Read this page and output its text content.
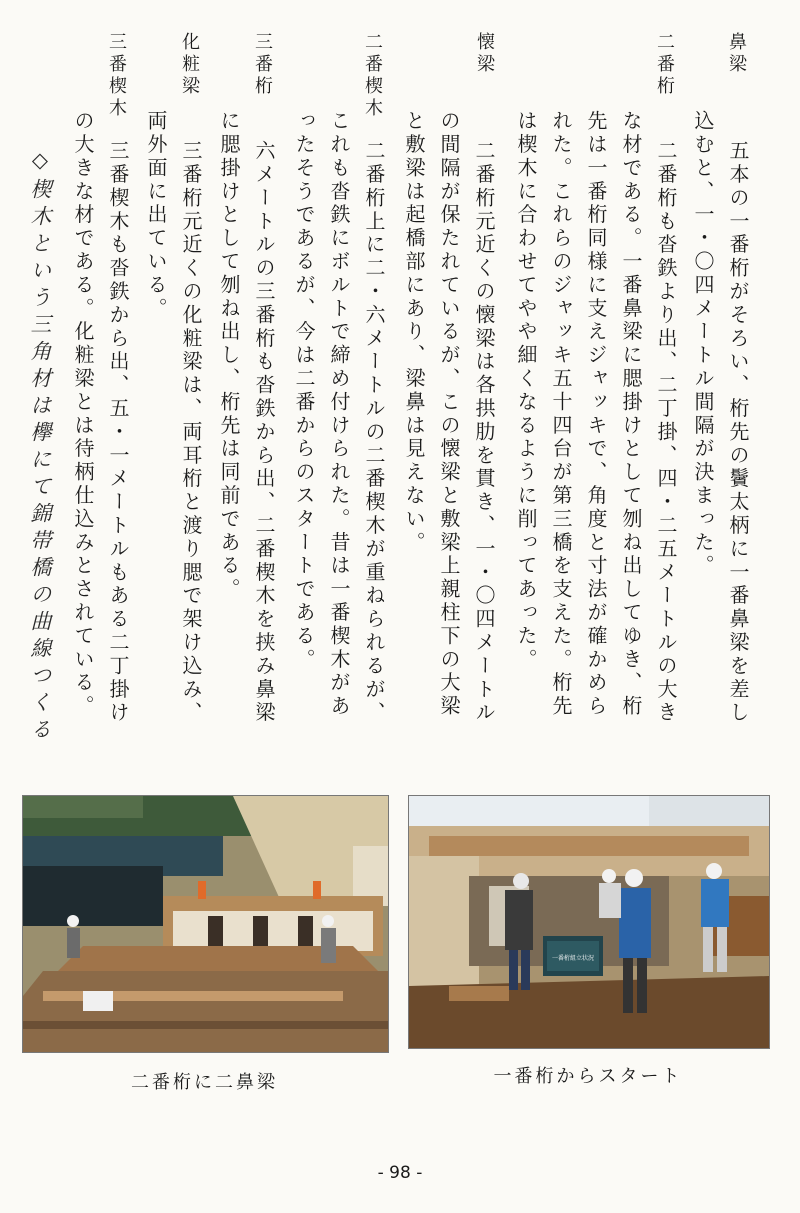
鼻梁
五本の一番桁がそろい、桁先の鬢太柄に一番鼻梁を差し
込むと、一・〇四メートル間隔が決まった。
二番桁
二番桁も沓鉄より出、二丁掛、四・二五メートルの大き
な材である。一番鼻梁に腮掛けとして刎ね出してゆき、桁
先は一番桁同様に支えジャッキで、角度と寸法が確かめら
れた。これらのジャッキ五十四台が第三橋を支えた。桁先
は楔木に合わせてやや細くなるように削ってあった。
懐梁
二番桁元近くの懐梁は各拱肋を貫き、一・〇四メートル
の間隔が保たれているが、この懐梁と敷梁上親柱下の大梁
と敷梁は起橋部にあり、梁鼻は見えない。
二番楔木
二番桁上に二・六メートルの二番楔木が重ねられるが、
これも沓鉄にボルトで締め付けられた。昔は一番楔木があ
ったそうであるが、今は二番からのスタートである。
三番桁
六メートルの三番桁も沓鉄から出、二番楔木を挟み鼻梁
に腮掛けとして刎ね出し、桁先は同前である。
化粧梁
三番桁元近くの化粧梁は、両耳桁と渡り腮で架け込み、
両外面に出ている。
三番楔木
三番楔木も沓鉄から出、五・一メートルもある二丁掛け
の大きな材である。化粧梁とは待柄仕込みとされている。
◇楔木という三角材は欅にて錦帯橋の曲線つくる
二番桁に二鼻梁
一番桁組立状況
一番桁からスタート
- 98 -
